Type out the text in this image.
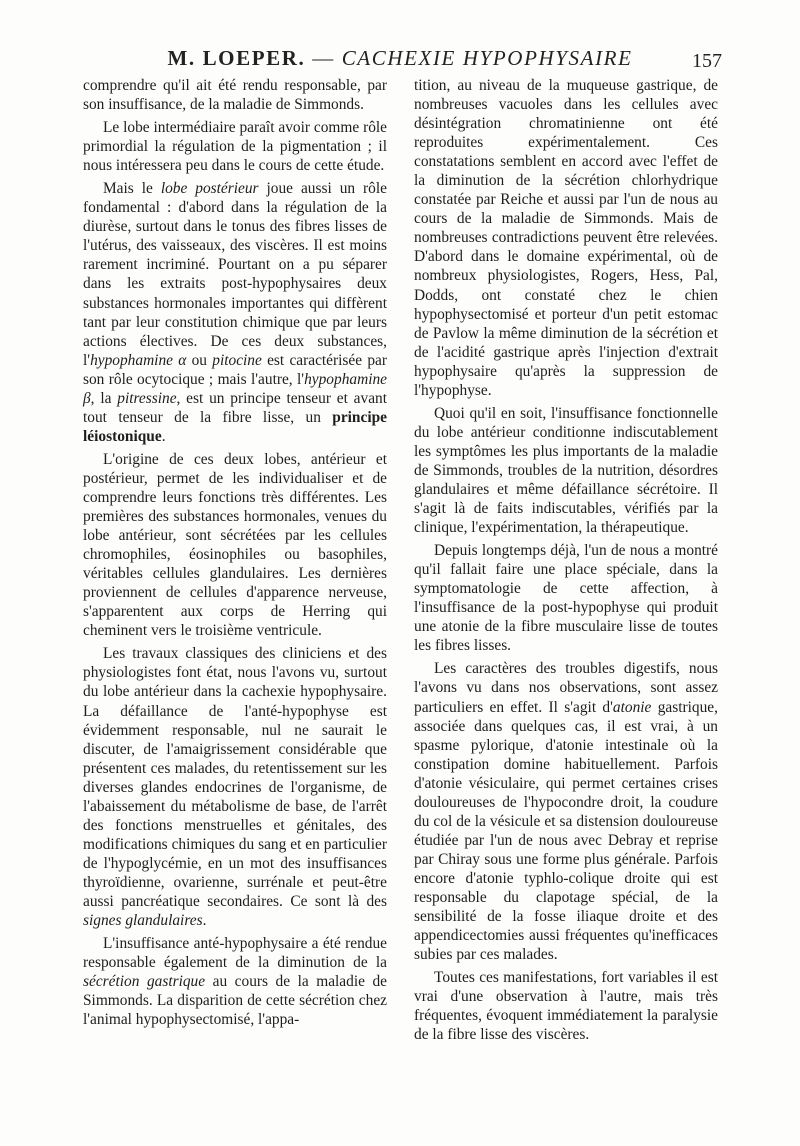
M. LOEPER. — CACHEXIE HYPOPHYSAIRE	157

comprendre qu'il ait été rendu responsable, par son insuffisance, de la maladie de Simmonds.

Le lobe intermédiaire paraît avoir comme rôle primordial la régulation de la pigmentation ; il nous intéressera peu dans le cours de cette étude.

Mais le lobe postérieur joue aussi un rôle fondamental : d'abord dans la régulation de la diurèse, surtout dans le tonus des fibres lisses de l'utérus, des vaisseaux, des viscères. Il est moins rarement incriminé. Pourtant on a pu séparer dans les extraits post-hypophysaires deux substances hormonales importantes qui diffèrent tant par leur constitution chimique que par leurs actions électives. De ces deux substances, l'hypophamine α ou pitocine est caractérisée par son rôle ocytocique ; mais l'autre, l'hypophamine β, la pitressine, est un principe tenseur et avant tout tenseur de la fibre lisse, un principe léiostonique.

L'origine de ces deux lobes, antérieur et postérieur, permet de les individualiser et de comprendre leurs fonctions très différentes. Les premières des substances hormonales, venues du lobe antérieur, sont sécrétées par les cellules chromophiles, éosinophiles ou basophiles, véritables cellules glandulaires. Les dernières proviennent de cellules d'apparence nerveuse, s'apparentent aux corps de Herring qui cheminent vers le troisième ventricule.

Les travaux classiques des cliniciens et des physiologistes font état, nous l'avons vu, surtout du lobe antérieur dans la cachexie hypophysaire. La défaillance de l'anté-hypophyse est évidemment responsable, nul ne saurait le discuter, de l'amaigrissement considérable que présentent ces malades, du retentissement sur les diverses glandes endocrines de l'organisme, de l'abaissement du métabolisme de base, de l'arrêt des fonctions menstruelles et génitales, des modifications chimiques du sang et en particulier de l'hypoglycémie, en un mot des insuffisances thyroïdienne, ovarienne, surrénale et peut-être aussi pancréatique secondaires. Ce sont là des signes glandulaires.

L'insuffisance anté-hypophysaire a été rendue responsable également de la diminution de la sécrétion gastrique au cours de la maladie de Simmonds. La disparition de cette sécrétion chez l'animal hypophysectomisé, l'appa-

tition, au niveau de la muqueuse gastrique, de nombreuses vacuoles dans les cellules avec désintégration chromatinienne ont été reproduites expérimentalement. Ces constatations semblent en accord avec l'effet de la diminution de la sécrétion chlorhydrique constatée par Reiche et aussi par l'un de nous au cours de la maladie de Simmonds. Mais de nombreuses contradictions peuvent être relevées. D'abord dans le domaine expérimental, où de nombreux physiologistes, Rogers, Hess, Pal, Dodds, ont constaté chez le chien hypophysectomisé et porteur d'un petit estomac de Pavlow la même diminution de la sécrétion et de l'acidité gastrique après l'injection d'extrait hypophysaire qu'après la suppression de l'hypophyse.

Quoi qu'il en soit, l'insuffisance fonctionnelle du lobe antérieur conditionne indiscutablement les symptômes les plus importants de la maladie de Simmonds, troubles de la nutrition, désordres glandulaires et même défaillance sécrétoire. Il s'agit là de faits indiscutables, vérifiés par la clinique, l'expérimentation, la thérapeutique.

Depuis longtemps déjà, l'un de nous a montré qu'il fallait faire une place spéciale, dans la symptomatologie de cette affection, à l'insuffisance de la post-hypophyse qui produit une atonie de la fibre musculaire lisse de toutes les fibres lisses.

Les caractères des troubles digestifs, nous l'avons vu dans nos observations, sont assez particuliers en effet. Il s'agit d'atonie gastrique, associée dans quelques cas, il est vrai, à un spasme pylorique, d'atonie intestinale où la constipation domine habituellement. Parfois d'atonie vésiculaire, qui permet certaines crises douloureuses de l'hypocondre droit, la coudure du col de la vésicule et sa distension douloureuse étudiée par l'un de nous avec Debray et reprise par Chiray sous une forme plus générale. Parfois encore d'atonie typhlo-colique droite qui est responsable du clapotage spécial, de la sensibilité de la fosse iliaque droite et des appendicectomies aussi fréquentes qu'inefficaces subies par ces malades.

Toutes ces manifestations, fort variables il est vrai d'une observation à l'autre, mais très fréquentes, évoquent immédiatement la paralysie de la fibre lisse des viscères.
